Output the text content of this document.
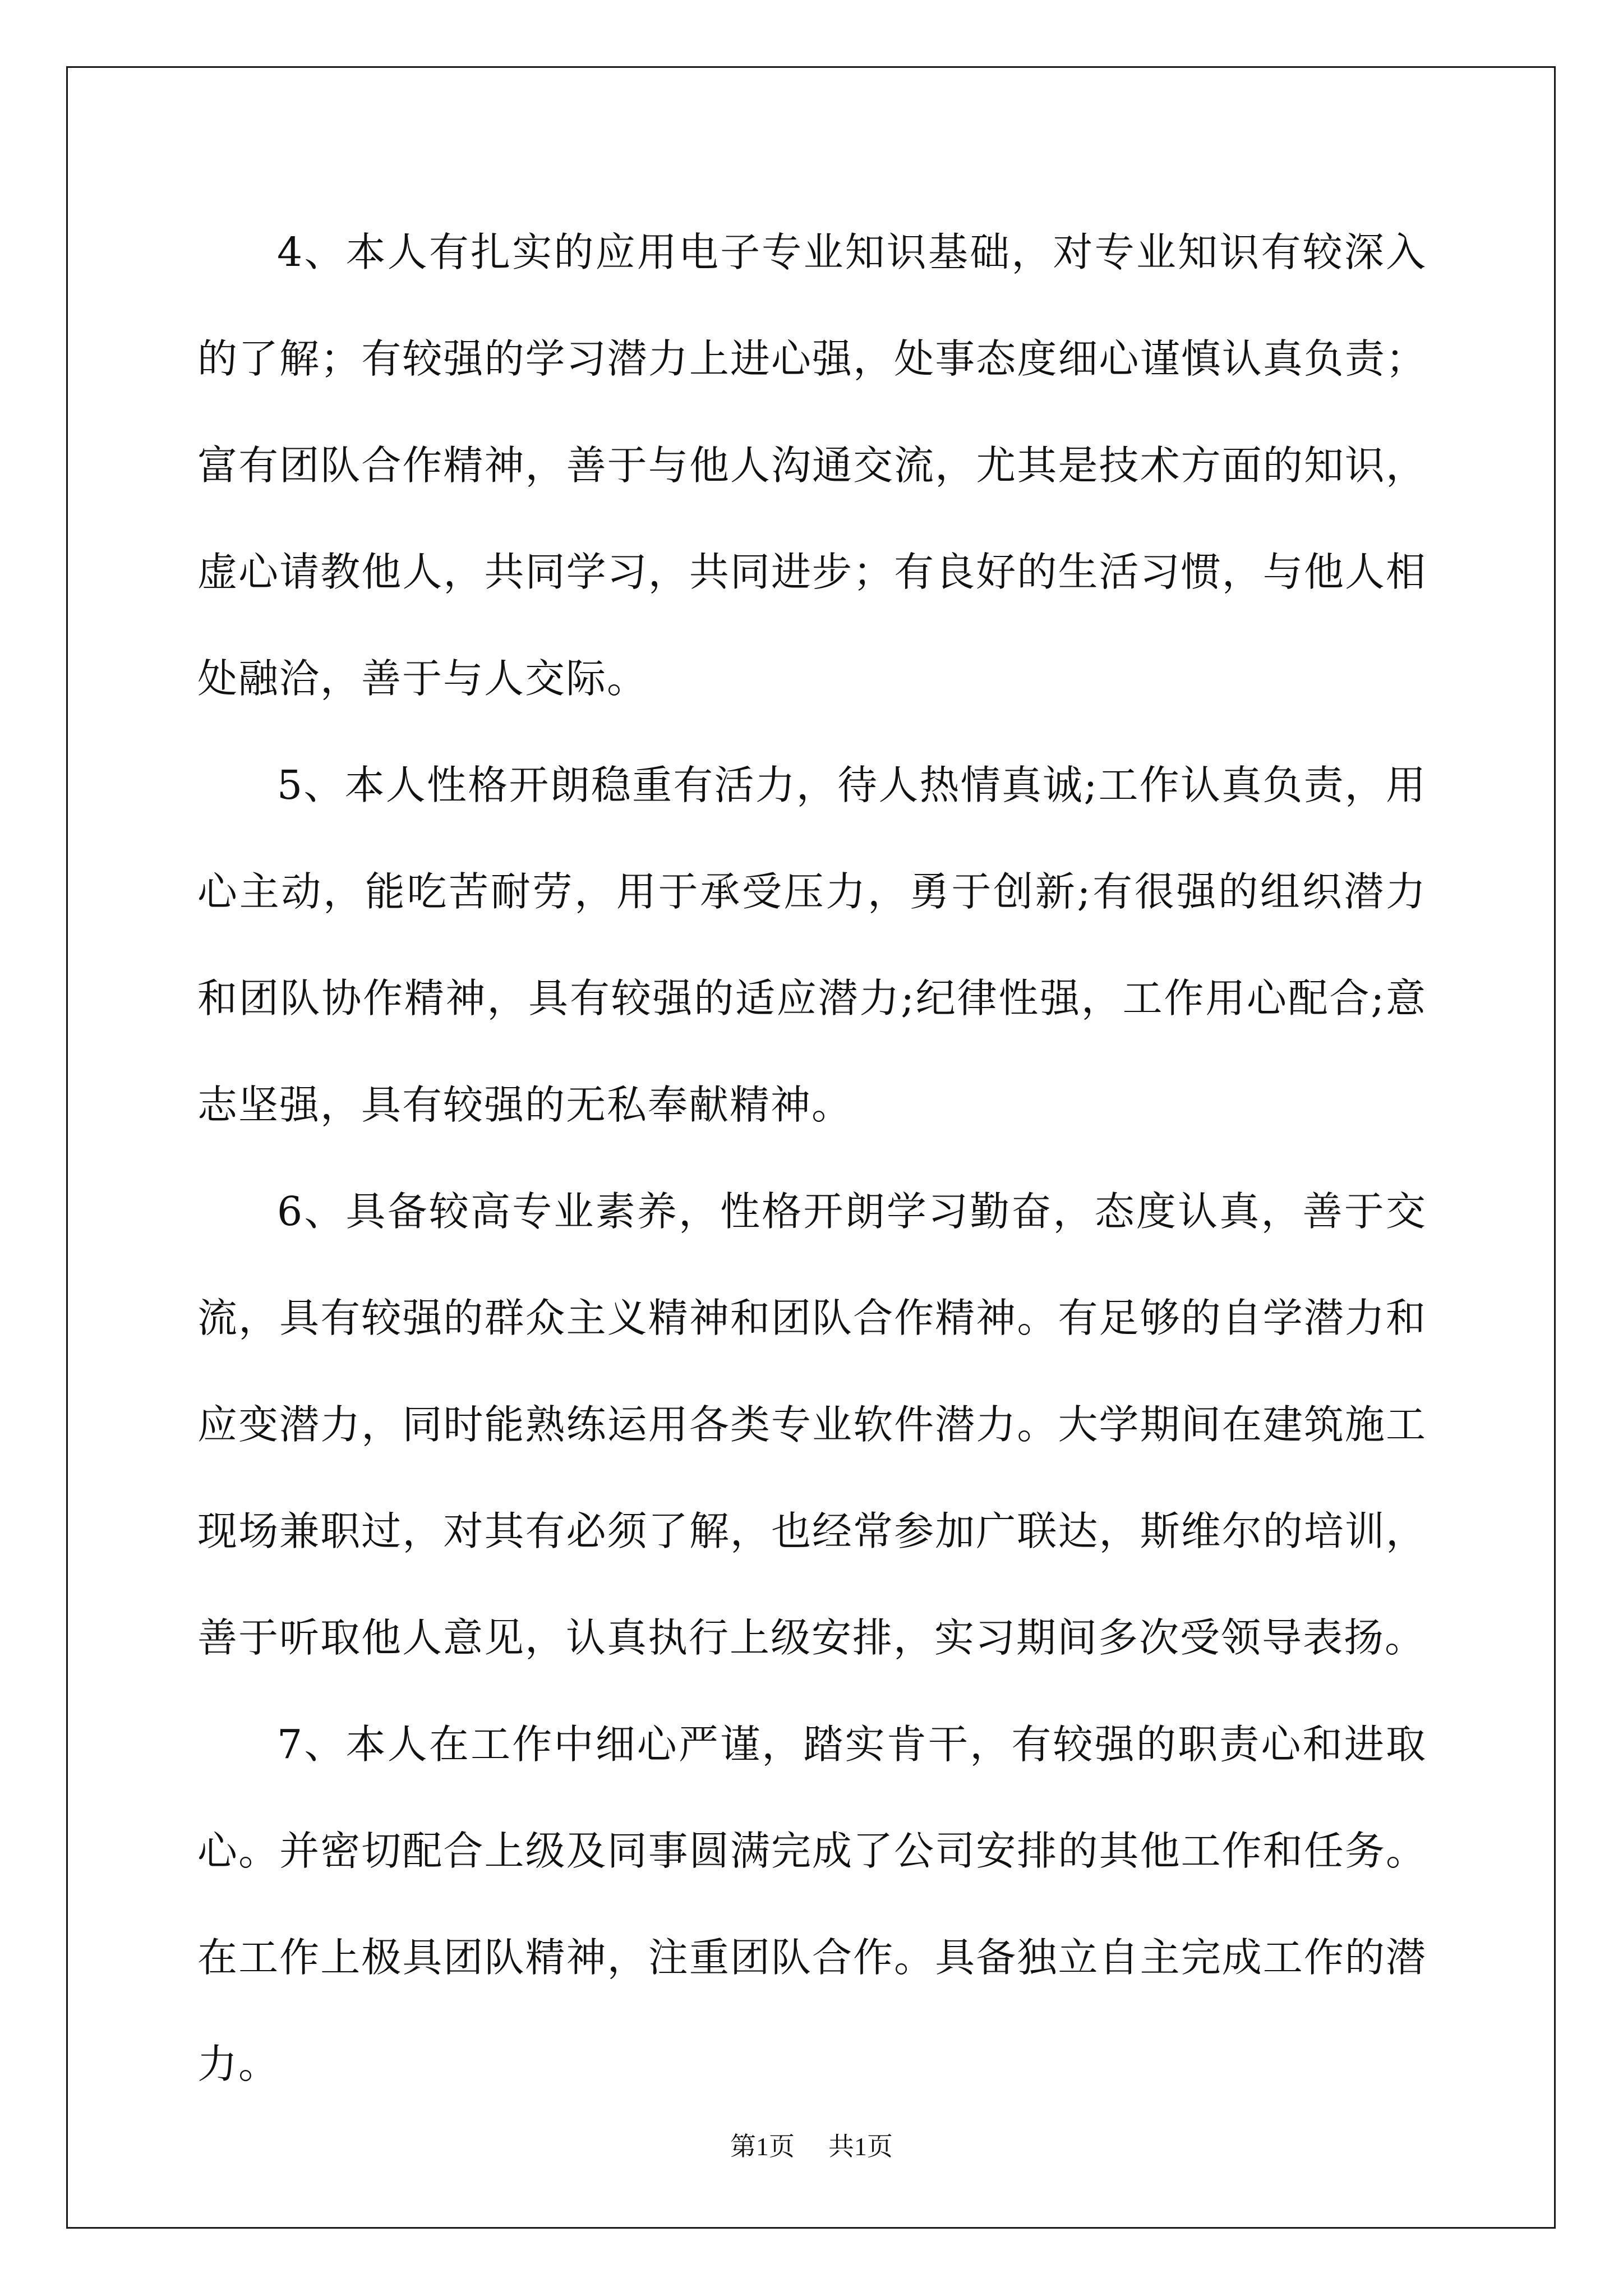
4、本人有扎实的应用电子专业知识基础，对专业知识有较深入的了解；有较强的学习潜力上进心强，处事态度细心谨慎认真负责；富有团队合作精神，善于与他人沟通交流，尤其是技术方面的知识，虚心请教他人，共同学习，共同进步；有良好的生活习惯，与他人相处融洽，善于与人交际。

5、本人性格开朗稳重有活力，待人热情真诚;工作认真负责，用心主动，能吃苦耐劳，用于承受压力，勇于创新;有很强的组织潜力和团队协作精神，具有较强的适应潜力;纪律性强，工作用心配合;意志坚强，具有较强的无私奉献精神。

6、具备较高专业素养，性格开朗学习勤奋，态度认真，善于交流，具有较强的群众主义精神和团队合作精神。有足够的自学潜力和应变潜力，同时能熟练运用各类专业软件潜力。大学期间在建筑施工现场兼职过，对其有必须了解，也经常参加广联达，斯维尔的培训，善于听取他人意见，认真执行上级安排，实习期间多次受领导表扬。

7、本人在工作中细心严谨，踏实肯干，有较强的职责心和进取心。并密切配合上级及同事圆满完成了公司安排的其他工作和任务。在工作上极具团队精神，注重团队合作。具备独立自主完成工作的潜力。

第1页 共1页
